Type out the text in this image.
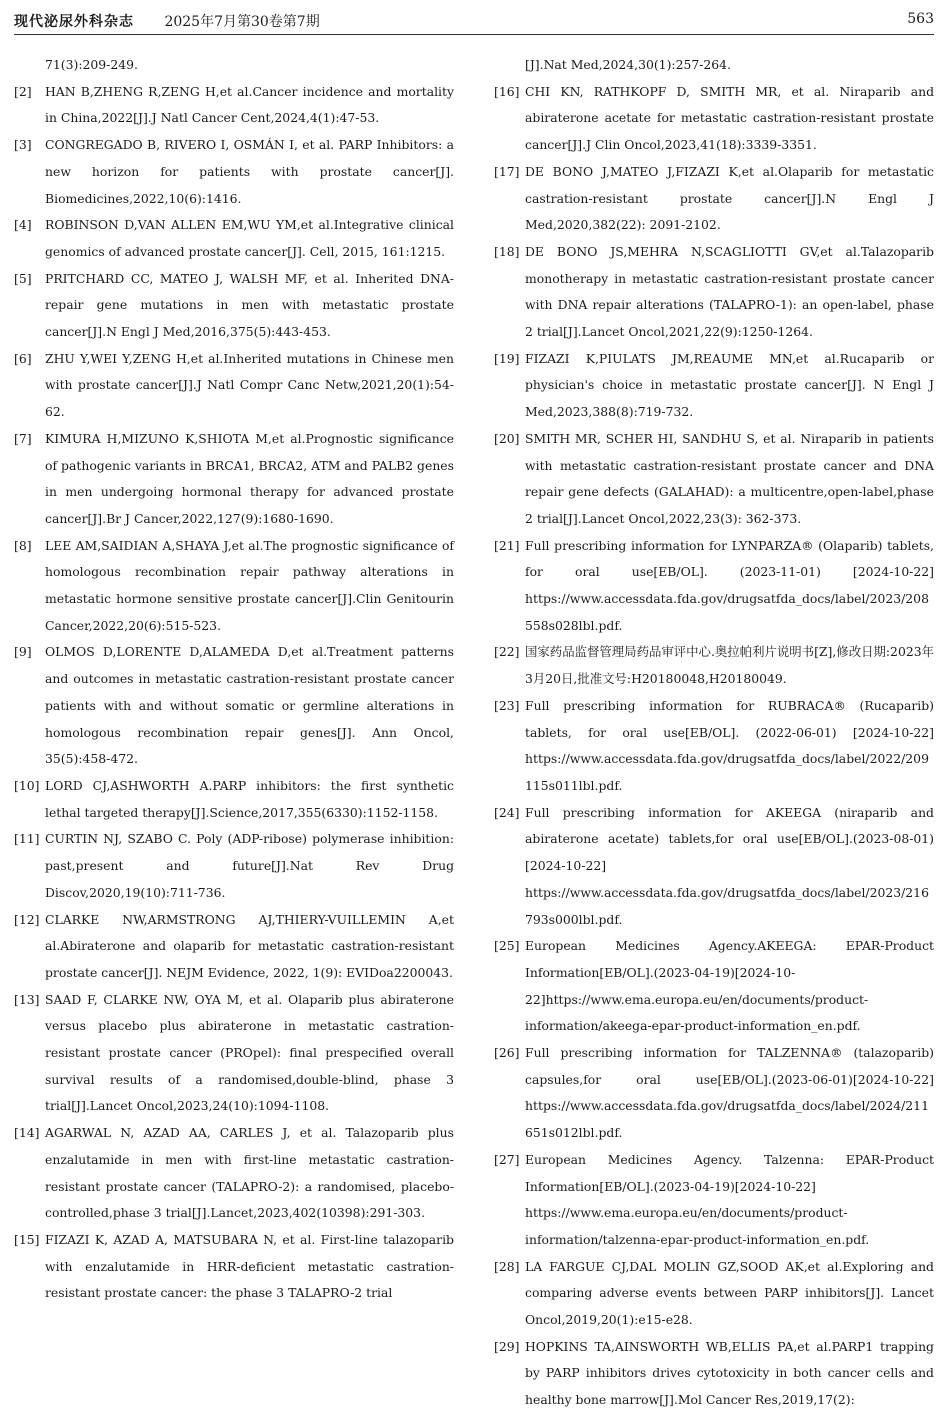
现代泌尿外科杂志 2025年7月第30卷第7期	563
71(3):209-249.
[2]	HAN B,ZHENG R,ZENG H,et al.Cancer incidence and mortality in China,2022[J].J Natl Cancer Cent,2024,4(1):47-53.
[3]	CONGREGADO B, RIVERO I, OSMÁN I, et al. PARP Inhibitors: a new horizon for patients with prostate cancer[J]. Biomedicines,2022,10(6):1416.
[4]	ROBINSON D,VAN ALLEN EM,WU YM,et al.Integrative clinical genomics of advanced prostate cancer[J]. Cell, 2015, 161:1215.
[5]	PRITCHARD CC, MATEO J, WALSH MF, et al. Inherited DNA-repair gene mutations in men with metastatic prostate cancer[J].N Engl J Med,2016,375(5):443-453.
[6]	ZHU Y,WEI Y,ZENG H,et al.Inherited mutations in Chinese men with prostate cancer[J].J Natl Compr Canc Netw,2021,20(1):54-62.
[7]	KIMURA H,MIZUNO K,SHIOTA M,et al.Prognostic significance of pathogenic variants in BRCA1, BRCA2, ATM and PALB2 genes in men undergoing hormonal therapy for advanced prostate cancer[J].Br J Cancer,2022,127(9):1680-1690.
[8]	LEE AM,SAIDIAN A,SHAYA J,et al.The prognostic significance of homologous recombination repair pathway alterations in metastatic hormone sensitive prostate cancer[J].Clin Genitourin Cancer,2022,20(6):515-523.
[9]	OLMOS D,LORENTE D,ALAMEDA D,et al.Treatment patterns and outcomes in metastatic castration-resistant prostate cancer patients with and without somatic or germline alterations in homologous recombination repair genes[J]. Ann Oncol, 35(5):458-472.
[10] LORD CJ,ASHWORTH A.PARP inhibitors: the first synthetic lethal targeted therapy[J].Science,2017,355(6330):1152-1158.
[11] CURTIN NJ, SZABO C. Poly (ADP-ribose) polymerase inhibition: past,present and future[J].Nat Rev Drug Discov,2020,19(10):711-736.
[12] CLARKE NW,ARMSTRONG AJ,THIERY-VUILLEMIN A,et al.Abiraterone and olaparib for metastatic castration-resistant prostate cancer[J]. NEJM Evidence, 2022, 1(9): EVIDoa2200043.
[13] SAAD F, CLARKE NW, OYA M, et al. Olaparib plus abiraterone versus placebo plus abiraterone in metastatic castration-resistant prostate cancer (PROpel): final prespecified overall survival results of a randomised,double-blind, phase 3 trial[J].Lancet Oncol,2023,24(10):1094-1108.
[14] AGARWAL N, AZAD AA, CARLES J, et al. Talazoparib plus enzalutamide in men with first-line metastatic castration-resistant prostate cancer (TALAPRO-2): a randomised, placebo-controlled,phase 3 trial[J].Lancet,2023,402(10398):291-303.
[15] FIZAZI K, AZAD A, MATSUBARA N, et al. First-line talazoparib with enzalutamide in HRR-deficient metastatic castration-resistant prostate cancer: the phase 3 TALAPRO-2 trial
[J].Nat Med,2024,30(1):257-264.
[16] CHI KN, RATHKOPF D, SMITH MR, et al. Niraparib and abiraterone acetate for metastatic castration-resistant prostate cancer[J].J Clin Oncol,2023,41(18):3339-3351.
[17] DE BONO J,MATEO J,FIZAZI K,et al.Olaparib for metastatic castration-resistant prostate cancer[J].N Engl J Med,2020,382(22): 2091-2102.
[18] DE BONO JS,MEHRA N,SCAGLIOTTI GV,et al.Talazoparib monotherapy in metastatic castration-resistant prostate cancer with DNA repair alterations (TALAPRO-1): an open-label, phase 2 trial[J].Lancet Oncol,2021,22(9):1250-1264.
[19] FIZAZI K,PIULATS JM,REAUME MN,et al.Rucaparib or physician's choice in metastatic prostate cancer[J]. N Engl J Med,2023,388(8):719-732.
[20] SMITH MR, SCHER HI, SANDHU S, et al. Niraparib in patients with metastatic castration-resistant prostate cancer and DNA repair gene defects (GALAHAD): a multicentre,open-label,phase 2 trial[J].Lancet Oncol,2022,23(3): 362-373.
[21] Full prescribing information for LYNPARZA® (Olaparib) tablets, for oral use[EB/OL]. (2023-11-01) [2024-10-22] https://www.accessdata.fda.gov/drugsatfda_docs/label/2023/208558s028lbl.pdf.
[22] 国家药品监督管理局药品审评中心.奥拉帕利片说明书[Z],修改日期:2023年3月20日,批准文号:H20180048,H20180049.
[23] Full prescribing information for RUBRACA® (Rucaparib) tablets, for oral use[EB/OL]. (2022-06-01) [2024-10-22] https://www.accessdata.fda.gov/drugsatfda_docs/label/2022/209115s011lbl.pdf.
[24] Full prescribing information for AKEEGA (niraparib and abiraterone acetate) tablets,for oral use[EB/OL].(2023-08-01) [2024-10-22] https://www.accessdata.fda.gov/drugsatfda_docs/label/2023/216793s000lbl.pdf.
[25] European Medicines Agency.AKEEGA: EPAR-Product Information[EB/OL].(2023-04-19)[2024-10-22]https://www.ema.europa.eu/en/documents/product-information/akeega-epar-product-information_en.pdf.
[26] Full prescribing information for TALZENNA® (talazoparib) capsules,for oral use[EB/OL].(2023-06-01)[2024-10-22] https://www.accessdata.fda.gov/drugsatfda_docs/label/2024/211651s012lbl.pdf.
[27] European Medicines Agency. Talzenna: EPAR-Product Information[EB/OL].(2023-04-19)[2024-10-22] https://www.ema.europa.eu/en/documents/product-information/talzenna-epar-product-information_en.pdf.
[28] LA FARGUE CJ,DAL MOLIN GZ,SOOD AK,et al.Exploring and comparing adverse events between PARP inhibitors[J]. Lancet Oncol,2019,20(1):e15-e28.
[29] HOPKINS TA,AINSWORTH WB,ELLIS PA,et al.PARP1 trapping by PARP inhibitors drives cytotoxicity in both cancer cells and healthy bone marrow[J].Mol Cancer Res,2019,17(2):
